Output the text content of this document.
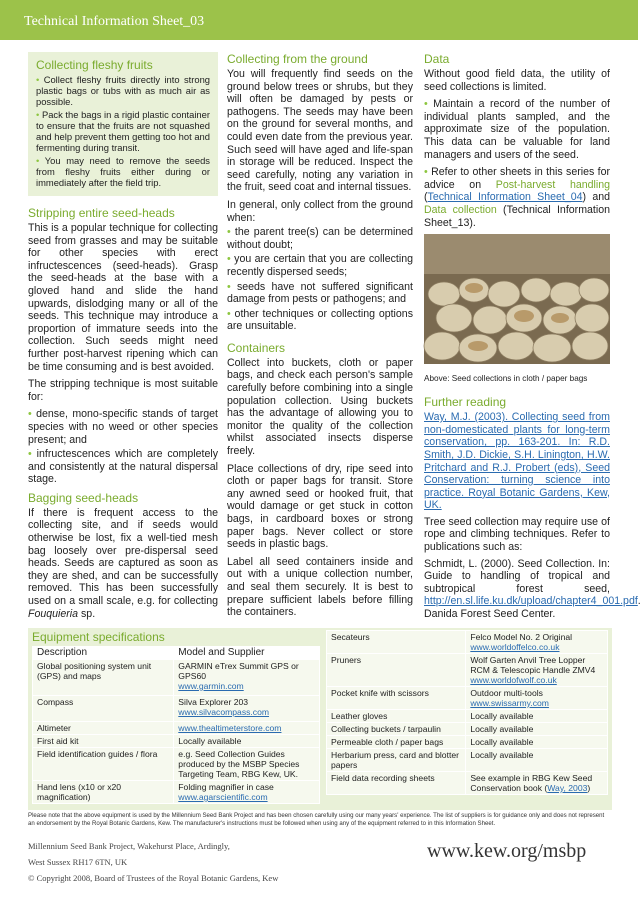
Technical Information Sheet_03
Collecting fleshy fruits

• Collect fleshy fruits directly into strong plastic bags or tubs with as much air as possible.

• Pack the bags in a rigid plastic container to ensure that the fruits are not squashed and help prevent them getting too hot and fermenting during transit.

• You may need to remove the seeds from fleshy fruits either during or immediately after the field trip.

Stripping entire seed-heads

This is a popular technique for collecting seed from grasses and may be suitable for other species with erect infructescences (seed-heads). Grasp the seed-heads at the base with a gloved hand and slide the hand upwards, dislodging many or all of the seeds. This technique may introduce a proportion of immature seeds into the collection. Such seeds might need further post-harvest ripening which can be time consuming and is best avoided.

The stripping technique is most suitable for:

• dense, mono-specific stands of target species with no weed or other species present; and

• infructescences which are completely and consistently at the natural dispersal stage.

Bagging seed-heads

If there is frequent access to the collecting site, and if seeds would otherwise be lost, fix a well-tied mesh bag loosely over pre-dispersal seed heads. Seeds are captured as soon as they are shed, and can be successfully removed. This has been successfully used on a small scale, e.g. for collecting Fouquieria sp.

Collecting from the ground

You will frequently find seeds on the ground below trees or shrubs, but they will often be damaged by pests or pathogens. The seeds may have been on the ground for several months, and could even date from the previous year. Such seed will have aged and life-span in storage will be reduced. Inspect the seed carefully, noting any variation in the fruit, seed coat and internal tissues.

In general, only collect from the ground when:

• the parent tree(s) can be determined without doubt;

• you are certain that you are collecting recently dispersed seeds;

• seeds have not suffered significant damage from pests or pathogens; and

• other techniques or collecting options are unsuitable.

Containers

Collect into buckets, cloth or paper bags, and check each person's sample carefully before combining into a single population collection. Using buckets has the advantage of allowing you to monitor the quality of the collection whilst associated insects disperse freely.

Place collections of dry, ripe seed into cloth or paper bags for transit. Store any awned seed or hooked fruit, that would damage or get stuck in cotton bags, in cardboard boxes or strong paper bags. Never collect or store seeds in plastic bags.

Label all seed containers inside and out with a unique collection number, and seal them securely. It is best to prepare sufficient labels before filling the containers.

Data

Without good field data, the utility of seed collections is limited.

• Maintain a record of the number of individual plants sampled, and the approximate size of the population. This data can be valuable for land managers and users of the seed.

• Refer to other sheets in this series for advice on Post-harvest handling (Technical Information Sheet_04) and Data collection (Technical Information Sheet_13).

Above: Seed collections in cloth / paper bags
Further reading

Way, M.J. (2003). Collecting seed from non-domesticated plants for long-term conservation, pp. 163-201. In: R.D. Smith, J.D. Dickie, S.H. Linington, H.W. Pritchard and R.J. Probert (eds), Seed Conservation: turning science into practice. Royal Botanic Gardens, Kew, UK.

Tree seed collection may require use of rope and climbing techniques. Refer to publications such as:

Schmidt, L. (2000). Seed Collection. In: Guide to handling of tropical and subtropical forest seed, http://en.sl.life.ku.dk/upload/chapter4_001.pdf. Danida Forest Seed Center.

Equipment specifications
Description	Model and Supplier
Global positioning system unit (GPS) and maps	GARMIN eTrex Summit GPS or GPS60
www.garmin.com
Compass	Silva Explorer 203
www.silvacompass.com
Altimeter	www.thealtimeterstore.com
First aid kit	Locally available
Field identification guides / flora	e.g. Seed Collection Guides produced by the MSBP Species Targeting Team, RBG Kew, UK.
Hand lens (x10 or x20 magnification)	Folding magnifier in case
www.agarscientific.com
Secateurs	Felco Model No. 2 Original
www.worldoffelco.co.uk
Pruners	Wolf Garten Anvil Tree Lopper RCM & Telescopic Handle ZMV4
www.worldofwolf.co.uk
Pocket knife with scissors	Outdoor multi-tools
www.swissarmy.com
Leather gloves	Locally available
Collecting buckets / tarpaulin	Locally available
Permeable cloth / paper bags	Locally available
Herbarium press, card and blotter papers	Locally available
Field data recording sheets	See example in RBG Kew Seed Conservation book (Way, 2003)
Please note that the above equipment is used by the Millennium Seed Bank Project and has been chosen carefully using our many years' experience. The list of suppliers is for guidance only and does not represent an endorsement by the Royal Botanic Gardens, Kew. The manufacturer's instructions must be followed when using any of the equipment referred to in this Information Sheet.
Millennium Seed Bank Project, Wakehurst Place, Ardingly,
West Sussex RH17 6TN, UK
© Copyright 2008, Board of Trustees of the Royal Botanic Gardens, Kew
www.kew.org/msbp
